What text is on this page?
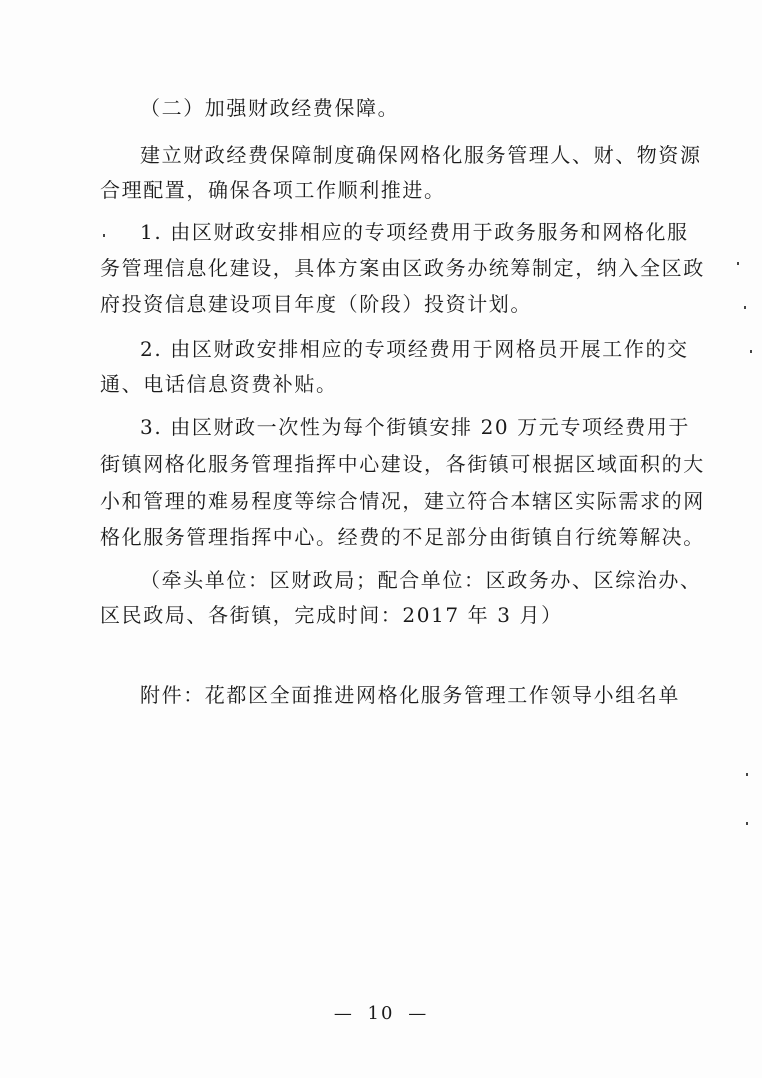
（二）加强财政经费保障。
建立财政经费保障制度确保网格化服务管理人、财、物资源
合理配置，确保各项工作顺利推进。
1. 由区财政安排相应的专项经费用于政务服务和网格化服
务管理信息化建设，具体方案由区政务办统筹制定，纳入全区政
府投资信息建设项目年度（阶段）投资计划。
2. 由区财政安排相应的专项经费用于网格员开展工作的交
通、电话信息资费补贴。
3. 由区财政一次性为每个街镇安排 20 万元专项经费用于
街镇网格化服务管理指挥中心建设，各街镇可根据区域面积的大
小和管理的难易程度等综合情况，建立符合本辖区实际需求的网
格化服务管理指挥中心。经费的不足部分由街镇自行统筹解决。
（牵头单位：区财政局；配合单位：区政务办、区综治办、
区民政局、各街镇，完成时间：2017 年 3 月）
附件：花都区全面推进网格化服务管理工作领导小组名单
— 10 —
